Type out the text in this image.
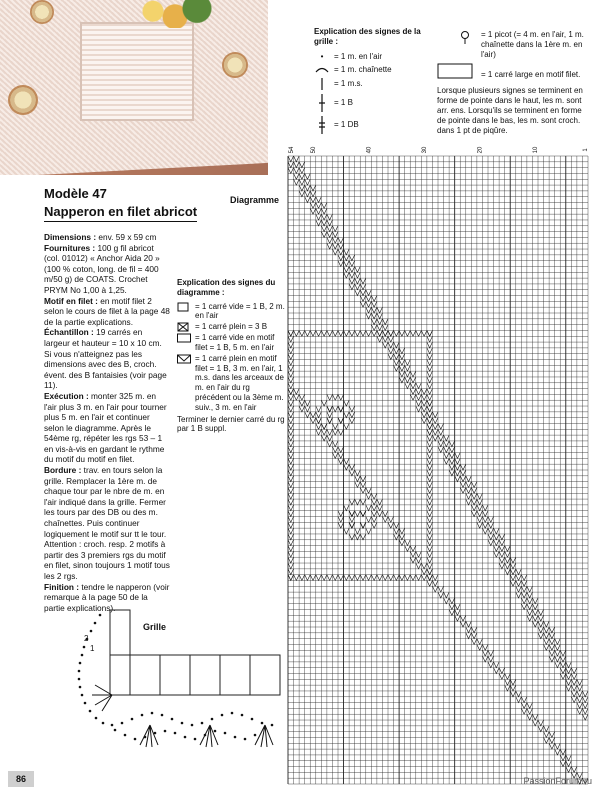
Modèle 47

Napperon en filet abricot

Dimensions : env. 59 x 59 cm

Fournitures : 100 g fil abricot (col. 01012) « Anchor Aida 20 » (100 % coton, long. de fil = 400 m/50 g) de COATS. Crochet PRYM No 1,00 à 1,25.

Motif en filet : en motif filet 2 selon le cours de filet à la page 48 de la partie explications.

Échantillon : 19 carrés en largeur et hauteur = 10 x 10 cm. Si vous n'atteignez pas les dimensions avec des B, croch. évent. des B fantaisies (voir page 11).

Exécution : monter 325 m. en l'air plus 3 m. en l'air pour tourner plus 5 m. en l'air et continuer selon le diagramme. Après le 54ème rg, répéter les rgs 53 – 1 en vis-à-vis en gardant le rythme du motif du motif en filet.

Bordure : trav. en tours selon la grille. Remplacer la 1ère m. de chaque tour par le nbre de m. en l'air indiqué dans la grille. Fermer les tours par des DB ou des m. chaînettes. Puis continuer logiquement le motif sur tt le tour. Attention : croch. resp. 2 motifs à partir des 3 premiers rgs du motif en filet, sinon toujours 1 motif tous les 2 rgs.

Finition : tendre le napperon (voir remarque à la page 50 de la partie explications).

Diagramme
Explication des signes du diagramme :
= 1 carré vide = 1 B, 2 m. en l'air
= 1 carré plein = 3 B
= 1 carré vide en motif filet = 1 B, 5 m. en l'air
= 1 carré plein en motif filet = 1 B, 3 m. en l'air, 1 m.s. dans les arceaux de m. en l'air du rg précédent ou la 3ème m. suiv., 3 m. en l'air
Terminer le dernier carré du rg par 1 B suppl.
Explication des signes de la grille :
•	= 1 m. en l'air
= 1 m. chaînette
= 1 m.s.
= 1 B
= 1 DB
= 1 picot (= 4 m. en l'air, 1 m. chaînette dans la 1ère m. en l'air)
= 1 carré large en motif filet.
Lorsque plusieurs signes se terminent en forme de pointe dans le haut, les m. sont arr. ens. Lorsqu'ils se terminent en forme de pointe dans le bas, les m. sont croch. dans 1 pt de piqûre.
54	50	40	30	20	10	1
1
2
Grille
86	PassionForum.ru
